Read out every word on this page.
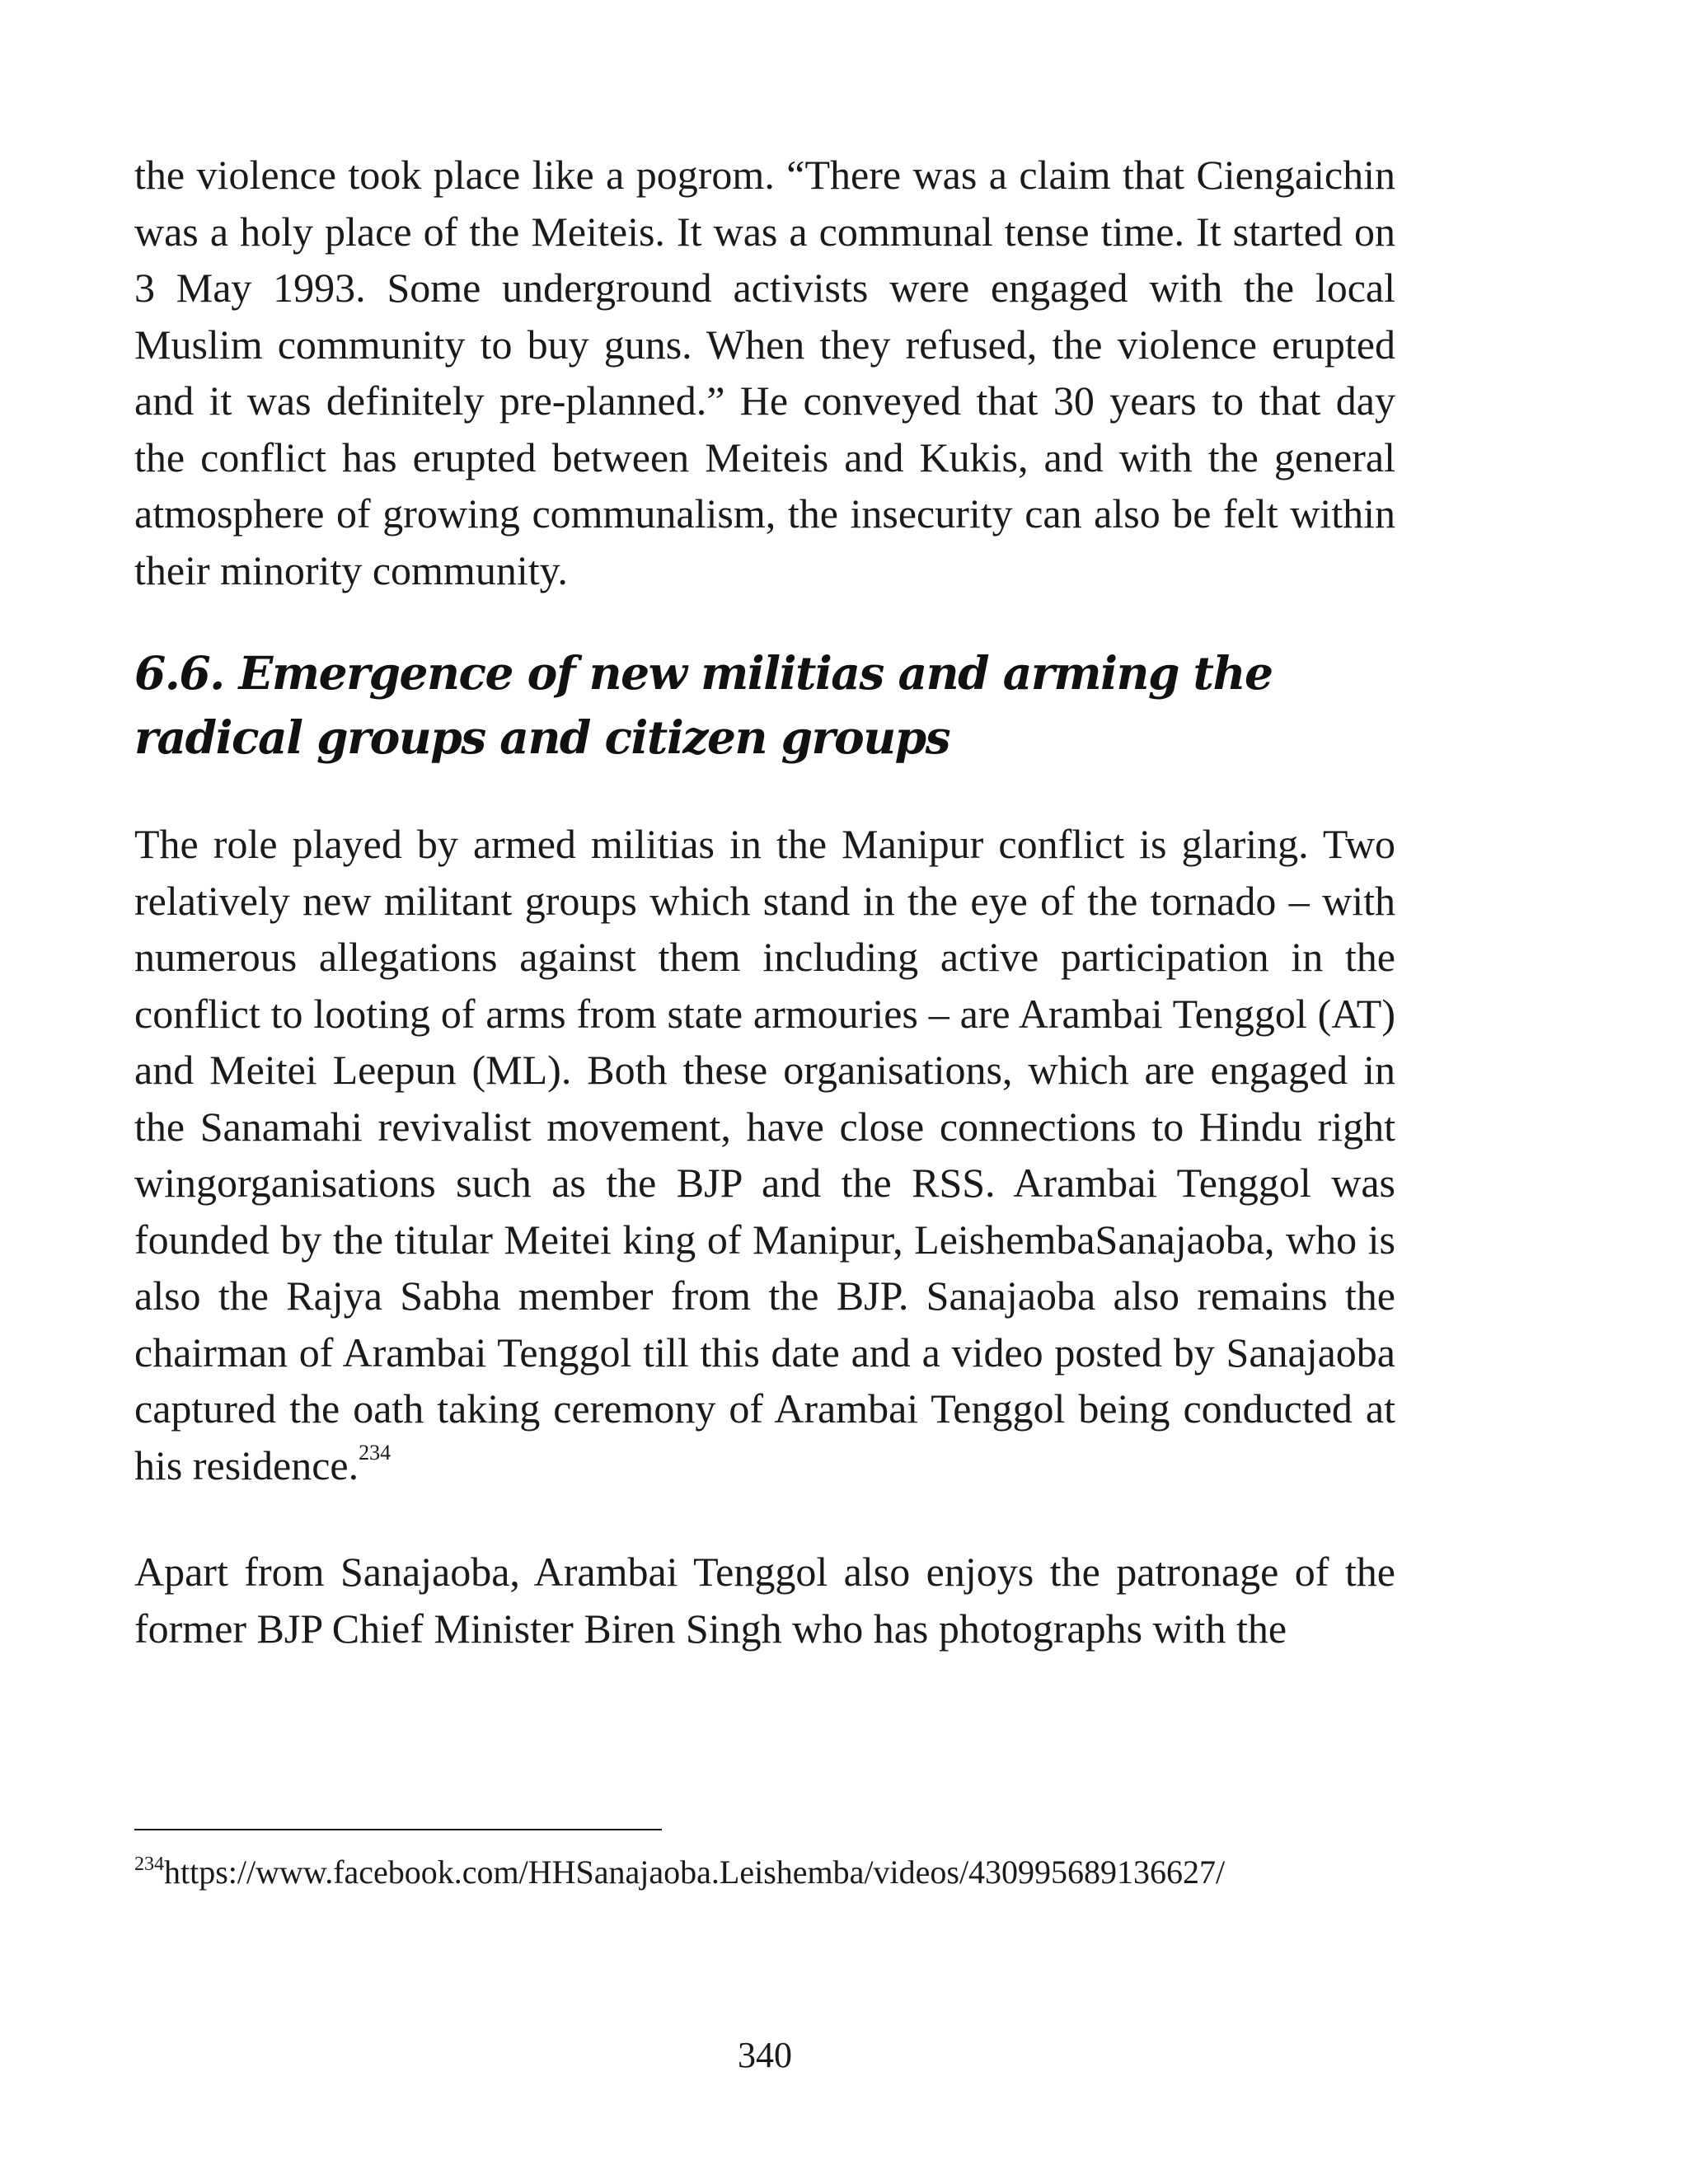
the violence took place like a pogrom. “There was a claim that Ciengaichin was a holy place of the Meiteis. It was a communal tense time. It started on 3 May 1993. Some underground activists were engaged with the local Muslim community to buy guns. When they refused, the violence erupted and it was definitely pre-planned.” He conveyed that 30 years to that day the conflict has erupted between Meiteis and Kukis, and with the general atmosphere of growing communalism, the insecurity can also be felt within their minority community.

6.6. Emergence of new militias and arming the radical groups and citizen groups

The role played by armed militias in the Manipur conflict is glaring. Two relatively new militant groups which stand in the eye of the tornado – with numerous allegations against them including active participation in the conflict to looting of arms from state armouries – are Arambai Tenggol (AT) and Meitei Leepun (ML). Both these organisations, which are engaged in the Sanamahi revivalist movement, have close connections to Hindu right wingorganisations such as the BJP and the RSS. Arambai Tenggol was founded by the titular Meitei king of Manipur, LeishembaSanajaoba, who is also the Rajya Sabha member from the BJP. Sanajaoba also remains the chairman of Arambai Tenggol till this date and a video posted by Sanajaoba captured the oath taking ceremony of Arambai Tenggol being conducted at his residence.$^{234}$

Apart from Sanajaoba, Arambai Tenggol also enjoys the patronage of the former BJP Chief Minister Biren Singh who has photographs with the

$^{234}$https://www.facebook.com/HHSanajaoba.Leishemba/videos/430995689136627/

340
